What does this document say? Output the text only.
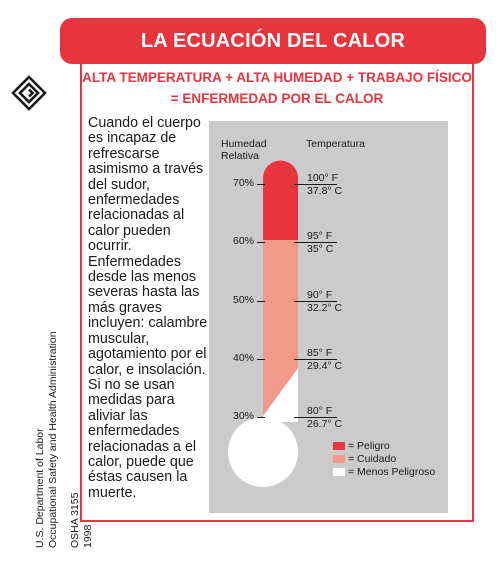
U.S. Department of Labor Occupational Safety and Health Administration OSHA 3155 1998
LA ECUACIÓN DEL CALOR
ALTA TEMPERATURA + ALTA HUMEDAD + TRABAJO FÍSICO
= ENFERMEDAD POR EL CALOR
Cuando el cuerpo
es incapaz de
refrescarse
asimismo a través
del sudor,
enfermedades
relacionadas al
calor pueden
ocurrir.
Enfermedades
desde las menos
severas hasta las
más graves
incluyen: calambre
muscular,
agotamiento por el
calor, e insolación.
Si no se usan
medidas para
aliviar las
enfermedades
relacionadas a el
calor, puede que
éstas causen la
muerte.
Humedad
Relativa
Temperatura
70%
60%
50%
40%
30%
100° F
37.8° C
95° F
35° C
90° F
32.2° C
85° F
29.4° C
80° F
26.7° C
= Peligro
= Cuidado
= Menos Peligroso
